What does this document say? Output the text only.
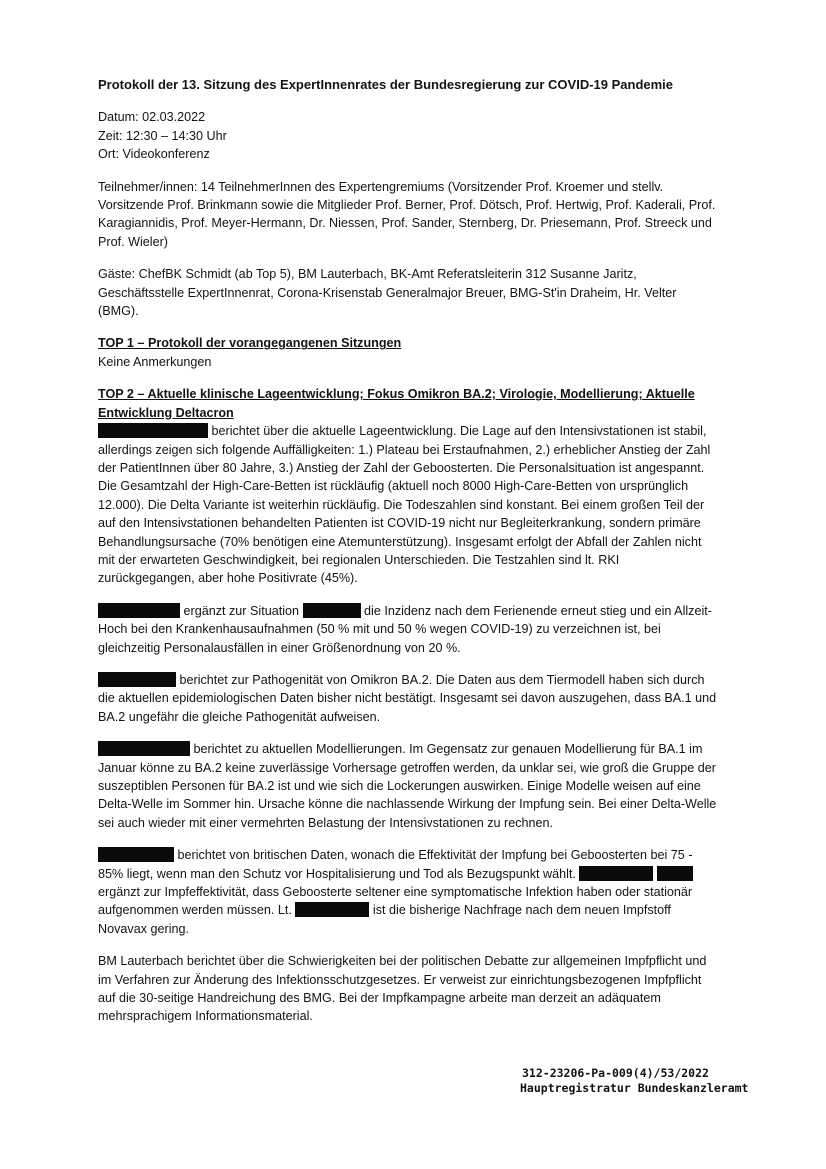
Protokoll der 13. Sitzung des ExpertInnenrates der Bundesregierung zur COVID-19 Pandemie
Datum: 02.03.2022
Zeit: 12:30 – 14:30 Uhr
Ort: Videokonferenz
Teilnehmer/innen: 14 TeilnehmerInnen des Expertengremiums (Vorsitzender Prof. Kroemer und stellv. Vorsitzende Prof. Brinkmann sowie die Mitglieder Prof. Berner, Prof. Dötsch, Prof. Hertwig, Prof. Kaderali, Prof. Karagiannidis, Prof. Meyer-Hermann, Dr. Niessen, Prof. Sander, Sternberg, Dr. Priesemann, Prof. Streeck und Prof. Wieler)
Gäste: ChefBK Schmidt (ab Top 5), BM Lauterbach, BK-Amt Referatsleiterin 312 Susanne Jaritz, Geschäftsstelle ExpertInnenrat, Corona-Krisenstab Generalmajor Breuer, BMG-St'in Draheim, Hr. Velter (BMG).
TOP 1 – Protokoll der vorangegangenen Sitzungen
Keine Anmerkungen
TOP 2 – Aktuelle klinische Lageentwicklung; Fokus Omikron BA.2; Virologie, Modellierung; Aktuelle Entwicklung Deltacron
berichtet über die aktuelle Lageentwicklung. Die Lage auf den Intensivstationen ist stabil, allerdings zeigen sich folgende Auffälligkeiten: 1.) Plateau bei Erstaufnahmen, 2.) erheblicher Anstieg der Zahl der PatientInnen über 80 Jahre, 3.) Anstieg der Zahl der Geboosterten. Die Personalsituation ist angespannt. Die Gesamtzahl der High-Care-Betten ist rückläufig (aktuell noch 8000 High-Care-Betten von ursprünglich 12.000). Die Delta Variante ist weiterhin rückläufig. Die Todeszahlen sind konstant. Bei einem großen Teil der auf den Intensivstationen behandelten Patienten ist COVID-19 nicht nur Begleiterkrankung, sondern primäre Behandlungsursache (70% benötigen eine Atemunterstützung). Insgesamt erfolgt der Abfall der Zahlen nicht mit der erwarteten Geschwindigkeit, bei regionalen Unterschieden. Die Testzahlen sind lt. RKI zurückgegangen, aber hohe Positivrate (45%).
ergänzt zur Situation	die Inzidenz nach dem Ferienende erneut stieg und ein Allzeit-Hoch bei den Krankenhausaufnahmen (50 % mit und 50 % wegen COVID-19) zu verzeichnen ist, bei gleichzeitig Personalausfällen in einer Größenordnung von 20 %.
berichtet zur Pathogenität von Omikron BA.2. Die Daten aus dem Tiermodell haben sich durch die aktuellen epidemiologischen Daten bisher nicht bestätigt. Insgesamt sei davon auszugehen, dass BA.1 und BA.2 ungefähr die gleiche Pathogenität aufweisen.
berichtet zu aktuellen Modellierungen. Im Gegensatz zur genauen Modellierung für BA.1 im Januar könne zu BA.2 keine zuverlässige Vorhersage getroffen werden, da unklar sei, wie groß die Gruppe der suszeptiblen Personen für BA.2 ist und wie sich die Lockerungen auswirken. Einige Modelle weisen auf eine Delta-Welle im Sommer hin. Ursache könne die nachlassende Wirkung der Impfung sein. Bei einer Delta-Welle sei auch wieder mit einer vermehrten Belastung der Intensivstationen zu rechnen.
berichtet von britischen Daten, wonach die Effektivität der Impfung bei Geboosterten bei 75 - 85% liegt, wenn man den Schutz vor Hospitalisierung und Tod als Bezugspunkt wählt.   ergänzt zur Impfeffektivität, dass Geboosterte seltener eine symptomatische Infektion haben oder stationär aufgenommen werden müssen. Lt.	ist die bisherige Nachfrage nach dem neuen Impfstoff Novavax gering.
BM Lauterbach berichtet über die Schwierigkeiten bei der politischen Debatte zur allgemeinen Impfpflicht und im Verfahren zur Änderung des Infektionsschutzgesetzes. Er verweist zur einrichtungsbezogenen Impfpflicht auf die 30-seitige Handreichung des BMG. Bei der Impfkampagne arbeite man derzeit an adäquatem mehrsprachigem Informationsmaterial.
312-23206-Pa-009(4)/53/2022
Hauptregistratur Bundeskanzleramt
